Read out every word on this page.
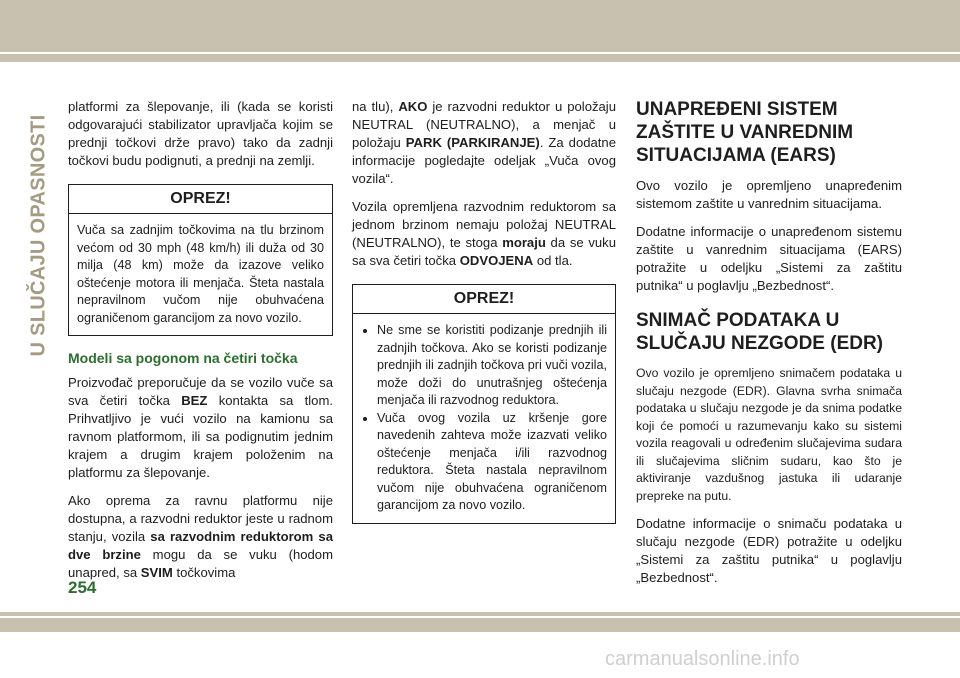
U SLUČAJU OPASNOSTI

platformi za šlepovanje, ili (kada se koristi odgovarajući stabilizator upravljača kojim se prednji točkovi drže pravo) tako da zadnji točkovi budu podignuti, a prednji na zemlji.

OPREZ!

Vuča sa zadnjim točkovima na tlu brzinom većom od 30 mph (48 km/h) ili duža od 30 milja (48 km) može da izazove veliko oštećenje motora ili menjača. Šteta nastala nepravilnom vučom nije obuhvaćena ograničenom garancijom za novo vozilo.

Modeli sa pogonom na četiri točka

Proizvođač preporučuje da se vozilo vuče sa sva četiri točka BEZ kontakta sa tlom. Prihvatljivo je vući vozilo na kamionu sa ravnom platformom, ili sa podignutim jednim krajem a drugim krajem položenim na platformu za šlepovanje.

Ako oprema za ravnu platformu nije dostupna, a razvodni reduktor jeste u radnom stanju, vozila sa razvodnim reduktorom sa dve brzine mogu da se vuku (hodom unapred, sa SVIM točkovima

na tlu), AKO je razvodni reduktor u položaju NEUTRAL (NEUTRALNO), a menjač u položaju PARK (PARKIRANJE). Za dodatne informacije pogledajte odeljak „Vuča ovog vozila“.

Vozila opremljena razvodnim reduktorom sa jednom brzinom nemaju položaj NEUTRAL (NEUTRALNO), te stoga moraju da se vuku sa sva četiri točka ODVOJENA od tla.

OPREZ!
• Ne sme se koristiti podizanje prednjih ili zadnjih točkova. Ako se koristi podizanje prednjih ili zadnjih točkova pri vuči vozila, može doži do unutrašnjeg oštećenja menjača ili razvodnog reduktora.
• Vuča ovog vozila uz kršenje gore navedenih zahteva može izazvati veliko oštećenje menjača i/ili razvodnog reduktora. Šteta nastala nepravilnom vučom nije obuhvaćena ograničenom garancijom za novo vozilo.
UNAPREĐENI SISTEM ZAŠTITE U VANREDNIM SITUACIJAMA (EARS)

Ovo vozilo je opremljeno unapređenim sistemom zaštite u vanrednim situacijama.

Dodatne informacije o unapređenom sistemu zaštite u vanrednim situacijama (EARS) potražite u odeljku „Sistemi za zaštitu putnika“ u poglavlju „Bezbednost“.

SNIMAČ PODATAKA U SLUČAJU NEZGODE (EDR)

Ovo vozilo je opremljeno snimačem podataka u slučaju nezgode (EDR). Glavna svrha snimača podataka u slučaju nezgode je da snima podatke koji će pomoći u razumevanju kako su sistemi vozila reagovali u određenim slučajevima sudara ili slučajevima sličnim sudaru, kao što je aktiviranje vazdušnog jastuka ili udaranje prepreke na putu.

Dodatne informacije o snimaču podataka u slučaju nezgode (EDR) potražite u odeljku „Sistemi za zaštitu putnika“ u poglavlju „Bezbednost“.

254
carmanualsonline.info
